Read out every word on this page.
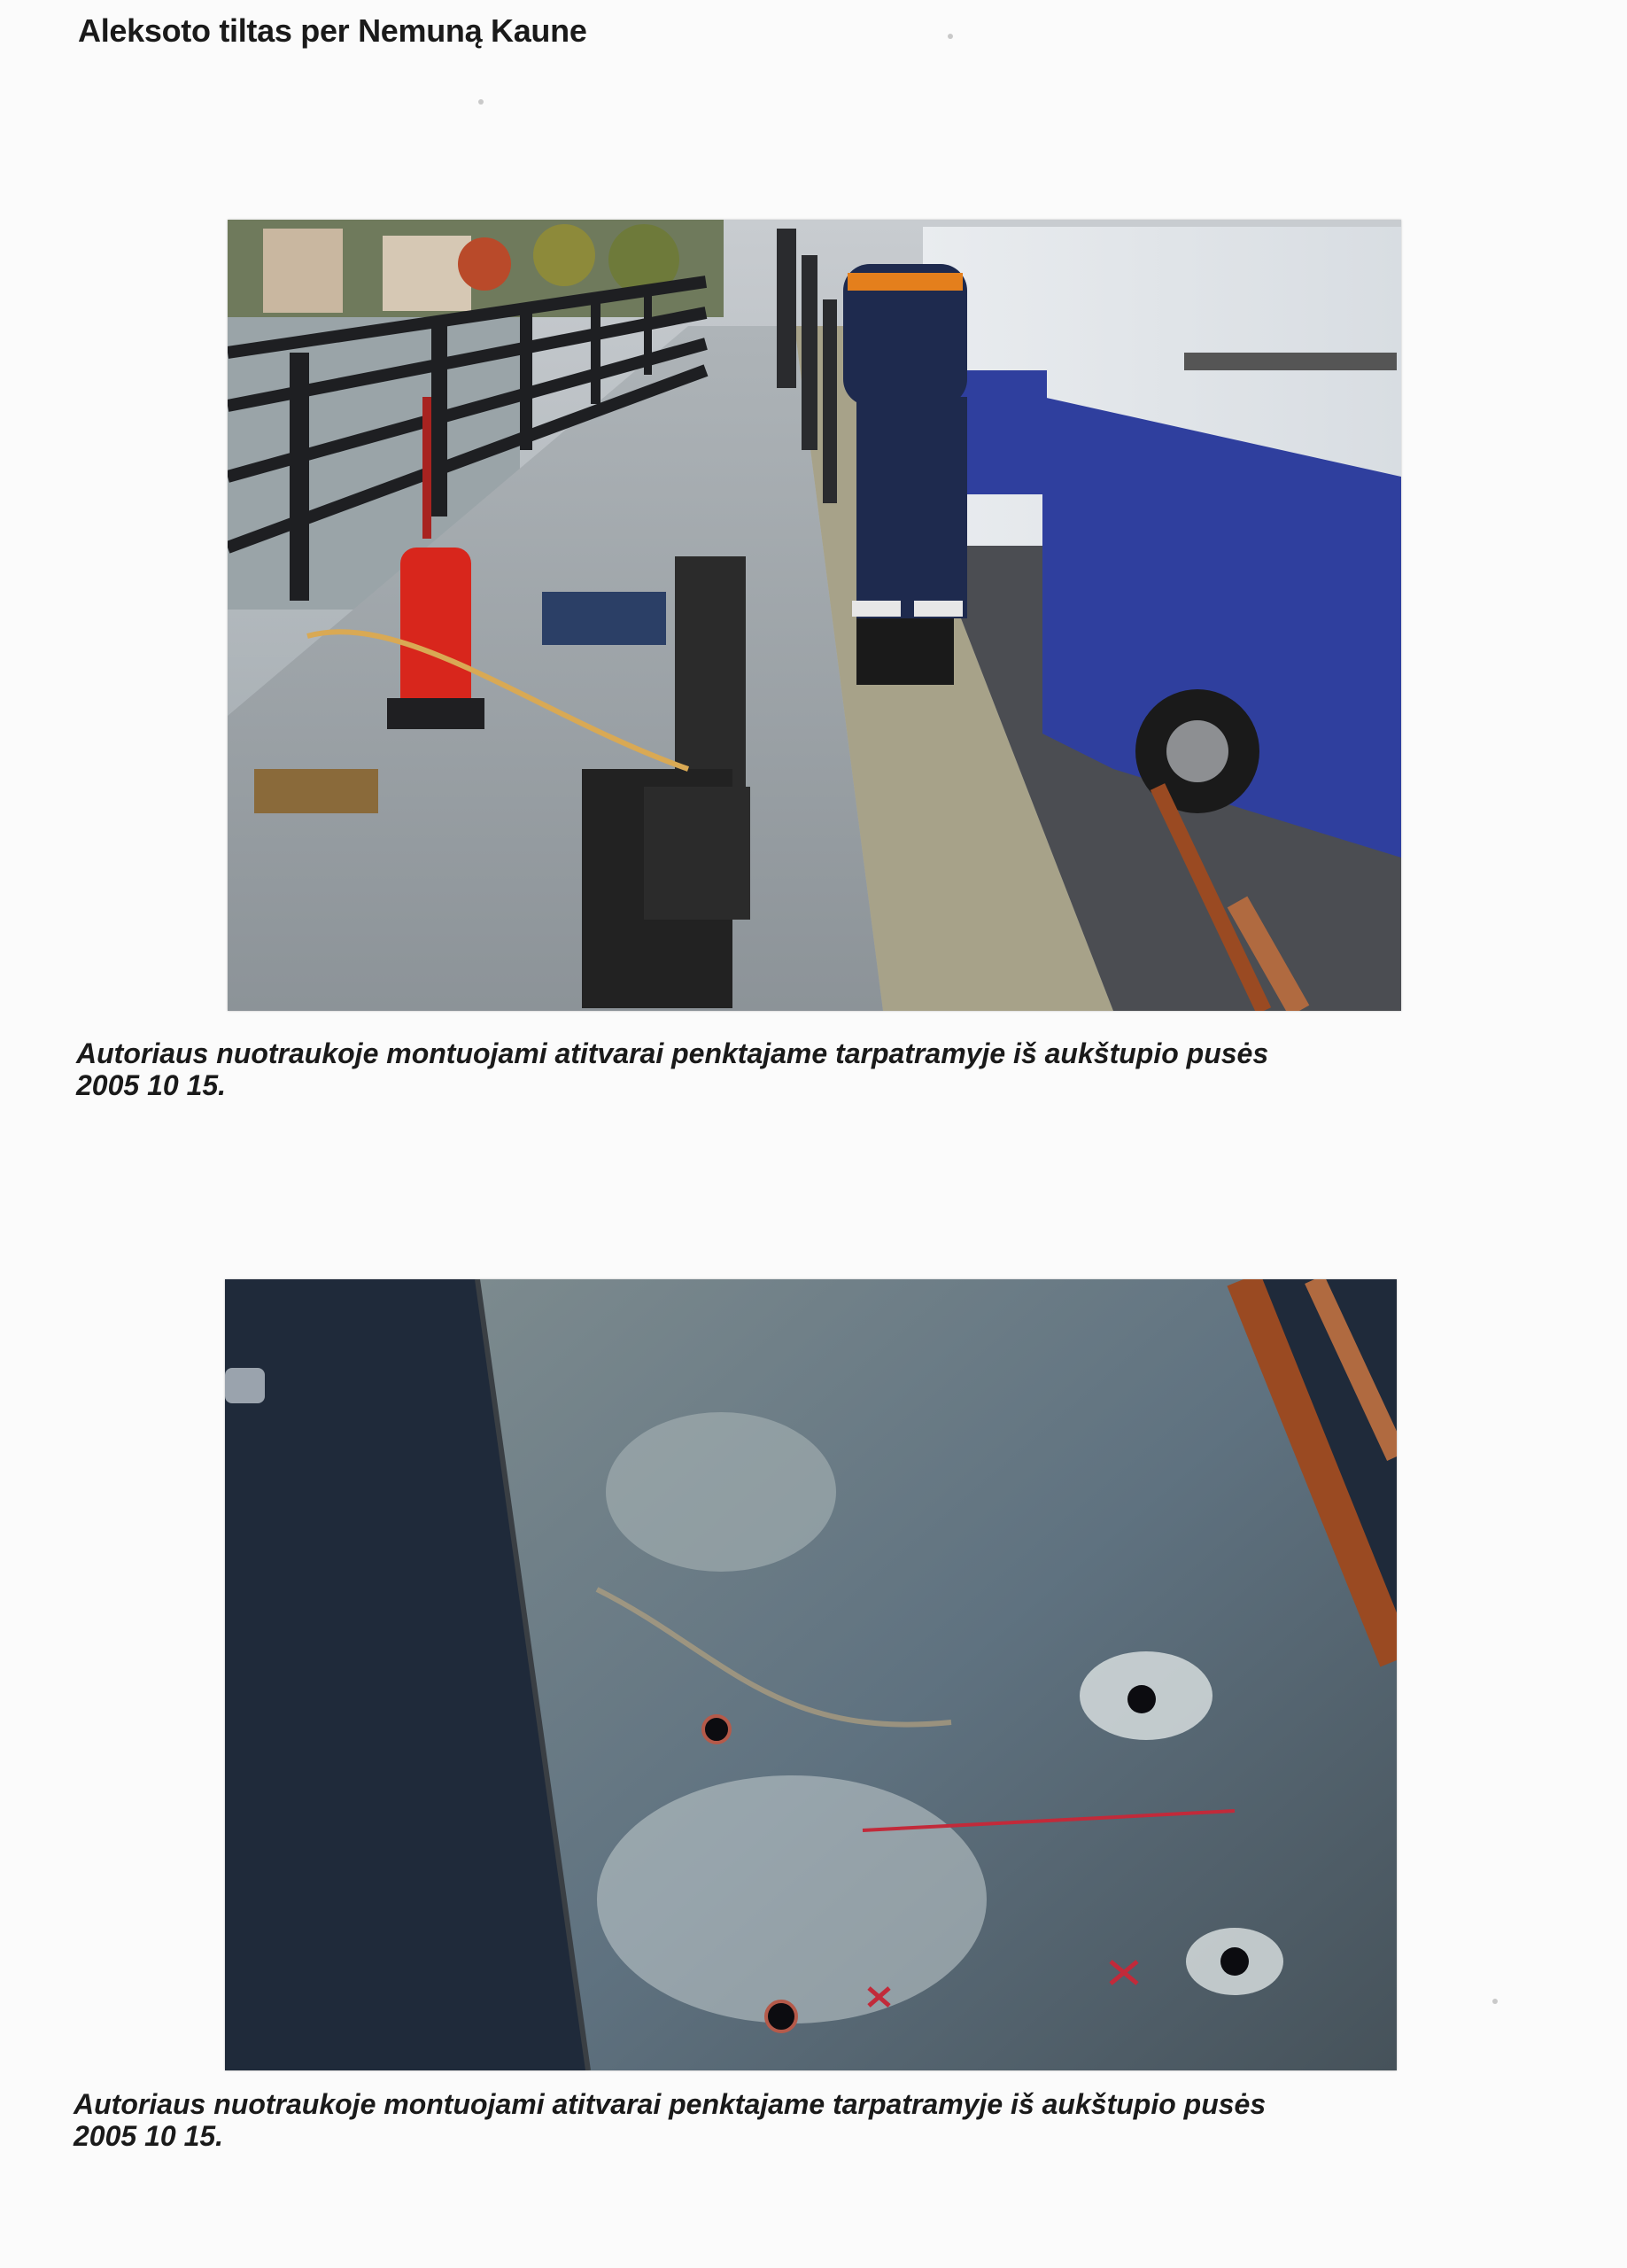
Aleksoto tiltas per Nemuną Kaune
Autoriaus nuotraukoje montuojami atitvarai penktajame tarpatramyje iš aukštupio pusės
2005 10 15.
Autoriaus nuotraukoje montuojami atitvarai penktajame tarpatramyje iš aukštupio pusės
2005 10 15.
